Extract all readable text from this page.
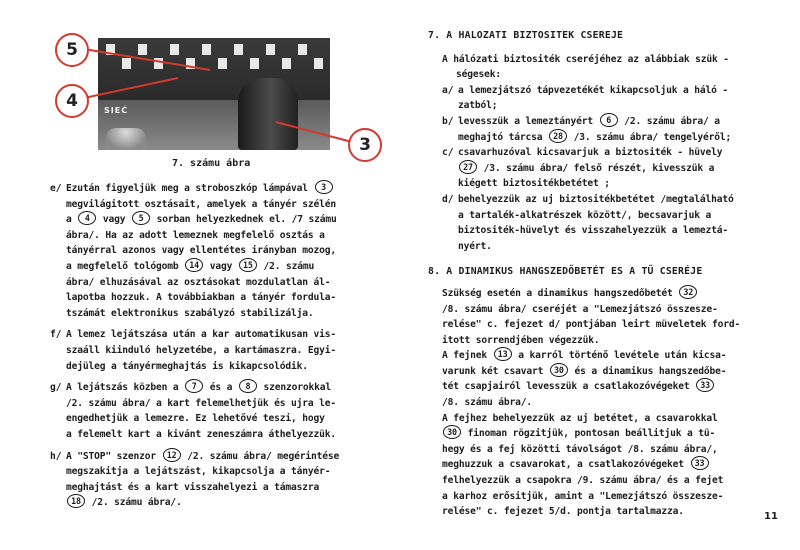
SIEĆ
5
4
3
7. számu ábra
e/ Ezután figyeljük meg a stroboszkóp lámpával 3
megvilágitott osztásait, amelyek a tányér szélén
a 4 vagy 5 sorban helyezkednek el. /7 számu
ábra/. Ha az adott lemeznek megfelelő osztás a
tányérral azonos vagy ellentétes irányban mozog,
a megfelelő tológomb 14 vagy 15 /2. számu
ábra/ elhuzásával az osztásokat mozdulatlan ál-
lapotba hozzuk. A továbbiakban a tányér fordula-
tszámát elektronikus szabályzó stabilizálja.
f/ A lemez lejátszása után a kar automatikusan vis-
szaáll kiinduló helyzetébe, a kartámaszra. Egyi-
dejüleg a tányérmeghajtás is kikapcsolódik.
g/ A lejátszás közben a 7 és a 8 szenzorokkal
/2. számu ábra/ a kart felemelhetjük és ujra le-
engedhetjük a lemezre. Ez lehetővé teszi, hogy
a felemelt kart a kivánt zeneszámra áthelyezzük.
h/ A "STOP" szenzor 12 /2. számu ábra/ megérintése
megszakitja a lejátszást, kikapcsolja a tányér-
meghajtást és a kart visszahelyezi a támaszra
18 /2. számu ábra/.
7. A HALOZATI BIZTOSITEK CSEREJE
A hálózati biztositék cseréjéhez az alábbiak szük -
ségesek:
a/ a lemezjátszó tápvezetékét kikapcsoljuk a háló -
zatból;
b/ levesszük a lemeztányért 6 /2. számu ábra/ a
meghajtó tárcsa 28 /3. számu ábra/ tengelyéről;
c/ csavarhuzóval kicsavarjuk a biztositék - hüvely
27 /3. számu ábra/ felső részét, kivesszük a
kiégett biztositékbetétet ;
d/ behelyezzük az uj biztositékbetétet /megtalálható
a tartalék-alkatrészek között/, becsavarjuk a
biztositék-hüvelyt és visszahelyezzük a lemeztá-
nyért.
8. A DINAMIKUS HANGSZEDŐBETÉT ES A TŰ CSERÉJE
Szükség esetén a dinamikus hangszedőbetét 32
/8. számu ábra/ cseréjét a "Lemezjátszó összesze-
relése" c. fejezet d/ pontjában leirt müveletek ford-
itott sorrendjében végezzük.
A fejnek 13 a karról történő levétele után kicsa-
varunk két csavart 30 és a dinamikus hangszedőbe-
tét csapjairól levesszük a csatlakozóvégeket 33
/8. számu ábra/.
A fejhez behelyezzük az uj betétet, a csavarokkal
30 finoman rögzitjük, pontosan beállitjuk a tü-
hegy és a fej közötti távolságot /8. számu ábra/,
meghuzzuk a csavarokat, a csatlakozóvégeket 33
felhelyezzük a csapokra /9. számu ábra/ és a fejet
a karhoz erősitjük, amint a "Lemezjátszó összesze-
relése" c. fejezet 5/d. pontja tartalmazza.	11
